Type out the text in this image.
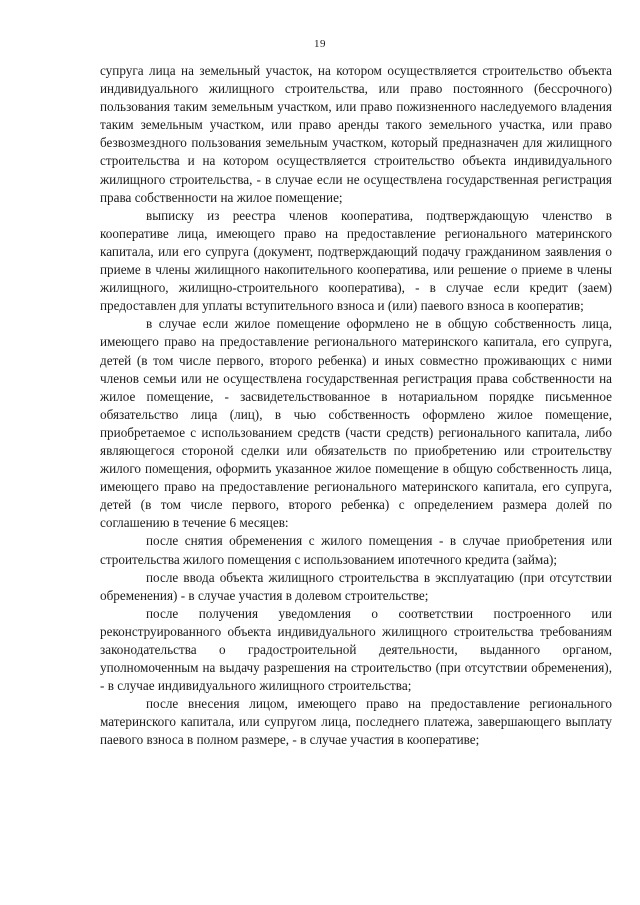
19

супруга лица на земельный участок, на котором осуществляется строительство объекта индивидуального жилищного строительства, или право постоянного (бессрочного) пользования таким земельным участком, или право пожизненного наследуемого владения таким земельным участком, или право аренды такого земельного участка, или право безвозмездного пользования земельным участком, который предназначен для жилищного строительства и на котором осуществляется строительство объекта индивидуального жилищного строительства, - в случае если не осуществлена государственная регистрация права собственности на жилое помещение;

выписку из реестра членов кооператива, подтверждающую членство в кооперативе лица, имеющего право на предоставление регионального материнского капитала, или его супруга (документ, подтверждающий подачу гражданином заявления о приеме в члены жилищного накопительного кооператива, или решение о приеме в члены жилищного, жилищно-строительного кооператива), - в случае если кредит (заем) предоставлен для уплаты вступительного взноса и (или) паевого взноса в кооператив;

в случае если жилое помещение оформлено не в общую собственность лица, имеющего право на предоставление регионального материнского капитала, его супруга, детей (в том числе первого, второго ребенка) и иных совместно проживающих с ними членов семьи или не осуществлена государственная регистрация права собственности на жилое помещение, - засвидетельствованное в нотариальном порядке письменное обязательство лица (лиц), в чью собственность оформлено жилое помещение, приобретаемое с использованием средств (части средств) регионального капитала, либо являющегося стороной сделки или обязательств по приобретению или строительству жилого помещения, оформить указанное жилое помещение в общую собственность лица, имеющего право на предоставление регионального материнского капитала, его супруга, детей (в том числе первого, второго ребенка) с определением размера долей по соглашению в течение 6 месяцев:

после снятия обременения с жилого помещения - в случае приобретения или строительства жилого помещения с использованием ипотечного кредита (займа);

после ввода объекта жилищного строительства в эксплуатацию (при отсутствии обременения) - в случае участия в долевом строительстве;

после получения уведомления о соответствии построенного или реконструированного объекта индивидуального жилищного строительства требованиям законодательства о градостроительной деятельности, выданного органом, уполномоченным на выдачу разрешения на строительство (при отсутствии обременения), - в случае индивидуального жилищного строительства;

после внесения лицом, имеющего право на предоставление регионального материнского капитала, или супругом лица, последнего платежа, завершающего выплату паевого взноса в полном размере, - в случае участия в кооперативе;
